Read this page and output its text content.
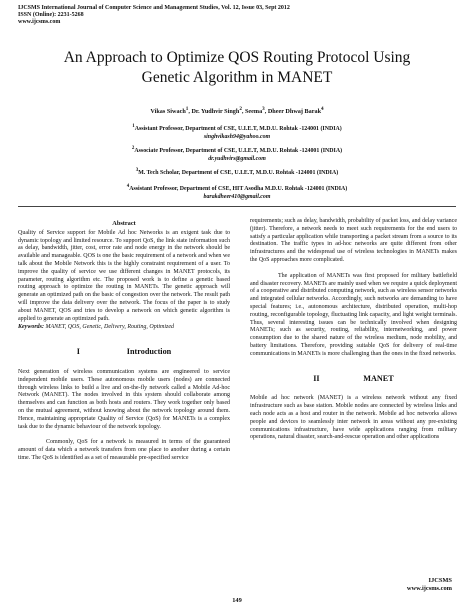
IJCSMS International Journal of Computer Science and Management Studies, Vol. 12, Issue 03, Sept 2012
ISSN (Online): 2231-5268
www.ijcsms.com
An Approach to Optimize QOS Routing Protocol Using
Genetic Algorithm in MANET
Vikas Siwach$^1$, Dr. Yudhvir Singh$^2$, Seema$^3$, Dheer Dhwaj Barak$^4$
$^1$Assistant Professor, Department of CSE, U.I.E.T, M.D.U. Rohtak -124001 (INDIA)
singhvikash94@yahoo.com
$^2$Associate Professor, Department of CSE, U.I.E.T, M.D.U. Rohtak -124001 (INDIA)
dr.yudhvirs@gmail.com
$^3$M. Tech Scholar, Department of CSE, U.I.E.T, M.D.U. Rohtak -124001 (INDIA)
$^4$Assistant Professor, Department of CSE, HIT Asodha M.D.U. Rohtak -124001 (INDIA)
barakdheer410@gmail.com
Abstract

Quality of Service support for Mobile Ad hoc Networks is an exigent task due to dynamic topology and limited resource. To support QoS, the link state information such as delay, bandwidth, jitter, cost, error rate and node energy in the network should be available and manageable. QOS is one the basic requirement of a network and when we talk about the Mobile Network this is the highly constraint requirement of a user. To improve the quality of service we use different changes in MANET protocols, its parameter, routing algorithm etc. The proposed work is to define a genetic based routing approach to optimize the routing in MANETs. The genetic approach will generate an optimized path on the basic of congestion over the network. The result path will improve the data delivery over the network. The focus of the paper is to study about MANET, QOS and tries to develop a network on which genetic algorithm is applied to generate an optimized path.

Keywords: MANET, QOS, Genetic, Delivery, Routing, Optimized

I	Introduction

Next generation of wireless communication systems are engineered to service independent mobile users. These autonomous mobile users (nodes) are connected through wireless links to build a live and on-the-fly network called a Mobile Ad-hoc Network (MANET). The nodes involved in this system should collaborate among themselves and can function as both hosts and routers. They work together only based on the mutual agreement, without knowing about the network topology around them. Hence, maintaining appropriate Quality of Service (QoS) for MANETs is a complex task due to the dynamic behaviour of the network topology.

Commonly, QoS for a network is measured in terms of the guaranteed amount of data which a network transfers from one place to another during a certain time. The QoS is identified as a set of measurable pre-specified service

requirements; such as delay, bandwidth, probability of packet loss, and delay variance (jitter). Therefore, a network needs to meet such requirements for the end users to satisfy a particular application while transporting a packet stream from a source to its destination. The traffic types in ad-hoc networks are quite different from other infrastructures and the widespread use of wireless technologies in MANETs makes the QoS approaches more complicated.

The application of MANETs was first proposed for military battlefield and disaster recovery. MANETs are mainly used when we require a quick deployment of a cooperative and distributed computing network, such as wireless sensor networks and integrated cellular networks. Accordingly, such networks are demanding to have special features; i.e., autonomous architecture, distributed operation, multi-hop routing, reconfigurable topology, fluctuating link capacity, and light weight terminals. Thus, several interesting issues can be technically involved when designing MANETs; such as security, routing, reliability, internetworking, and power consumption due to the shared nature of the wireless medium, node mobility, and battery limitations. Therefore, providing suitable QoS for delivery of real-time communications in MANETs is more challenging than the ones in the fixed networks.

II	MANET

Mobile ad hoc network (MANET) is a wireless network without any fixed infrastructure such as base station. Mobile nodes are connected by wireless links and each node acts as a host and router in the network. Mobile ad hoc networks allows people and devices to seamlessly inter network in areas without any pre-existing communications infrastructure, have wide applications ranging from military operations, natural disaster, search-and-rescue operation and other applications

IJCSMS
www.ijcsms.com
149
